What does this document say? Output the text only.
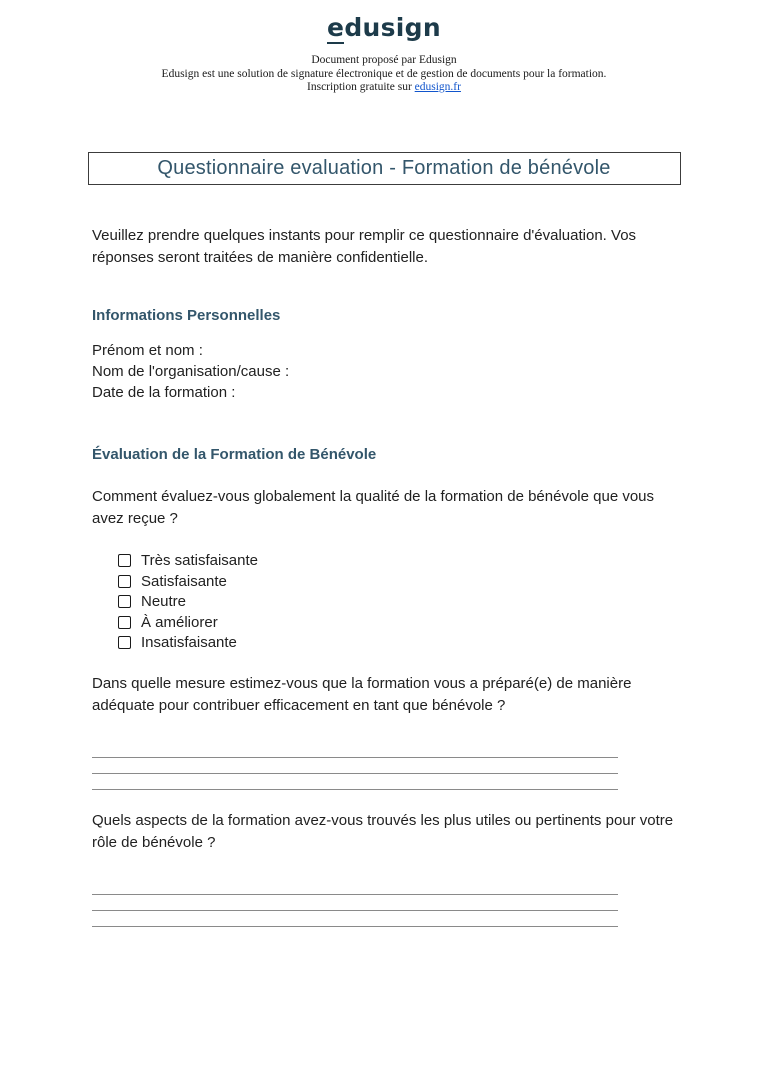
edusign
Document proposé par Edusign
Edusign est une solution de signature électronique et de gestion de documents pour la formation.
Inscription gratuite sur edusign.fr
Questionnaire evaluation - Formation de bénévole

Veuillez prendre quelques instants pour remplir ce questionnaire d'évaluation. Vos réponses seront traitées de manière confidentielle.

Informations Personnelles
Prénom et nom :
Nom de l'organisation/cause :
Date de la formation :
Évaluation de la Formation de Bénévole

Comment évaluez-vous globalement la qualité de la formation de bénévole que vous avez reçue ?

Très satisfaisante
Satisfaisante
Neutre
À améliorer
Insatisfaisante

Dans quelle mesure estimez-vous que la formation vous a préparé(e) de manière adéquate pour contribuer efficacement en tant que bénévole ?

Quels aspects de la formation avez-vous trouvés les plus utiles ou pertinents pour votre rôle de bénévole ?
